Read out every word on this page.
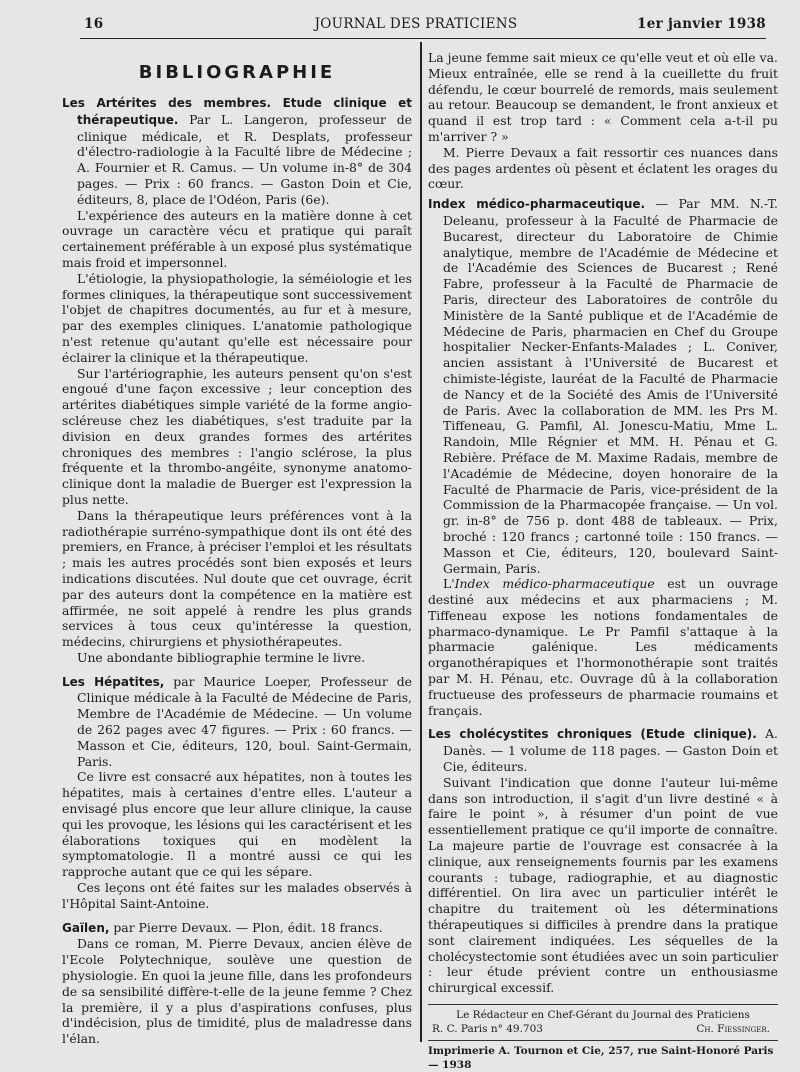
16	JOURNAL DES PRATICIENS	1er janvier 1938
BIBLIOGRAPHIE

Les Artérites des membres. Etude clinique et thérapeutique. Par L. Langeron, professeur de clinique médicale, et R. Desplats, professeur d'électro-radiologie à la Faculté libre de Médecine ; A. Fournier et R. Camus. — Un volume in-8° de 304 pages. — Prix : 60 francs. — Gaston Doin et Cie, éditeurs, 8, place de l'Odéon, Paris (6e).

L'expérience des auteurs en la matière donne à cet ouvrage un caractère vécu et pratique qui paraît certainement préférable à un exposé plus systématique mais froid et impersonnel.

L'étiologie, la physiopathologie, la séméiologie et les formes cliniques, la thérapeutique sont successivement l'objet de chapitres documentés, au fur et à mesure, par des exemples cliniques. L'anatomie pathologique n'est retenue qu'autant qu'elle est nécessaire pour éclairer la clinique et la thérapeutique.

Sur l'artériographie, les auteurs pensent qu'on s'est engoué d'une façon excessive ; leur conception des artérites diabétiques simple variété de la forme angio-scléreuse chez les diabétiques, s'est traduite par la division en deux grandes formes des artérites chroniques des membres : l'angio sclérose, la plus fréquente et la thrombo-angéite, synonyme anatomo-clinique dont la maladie de Buerger est l'expression la plus nette.

Dans la thérapeutique leurs préférences vont à la radiothérapie surréno-sympathique dont ils ont été des premiers, en France, à préciser l'emploi et les résultats ; mais les autres procédés sont bien exposés et leurs indications discutées. Nul doute que cet ouvrage, écrit par des auteurs dont la compétence en la matière est affirmée, ne soit appelé à rendre les plus grands services à tous ceux qu'intéresse la question, médecins, chirurgiens et physiothérapeutes.

Une abondante bibliographie termine le livre.

Les Hépatites, par Maurice Loeper, Professeur de Clinique médicale à la Faculté de Médecine de Paris, Membre de l'Académie de Médecine. — Un volume de 262 pages avec 47 figures. — Prix : 60 francs. — Masson et Cie, éditeurs, 120, boul. Saint-Germain, Paris.

Ce livre est consacré aux hépatites, non à toutes les hépatites, mais à certaines d'entre elles. L'auteur a envisagé plus encore que leur allure clinique, la cause qui les provoque, les lésions qui les caractérisent et les élaborations toxiques qui en modèlent la symptomatologie. Il a montré aussi ce qui les rapproche autant que ce qui les sépare.

Ces leçons ont été faites sur les malades observés à l'Hôpital Saint-Antoine.

Gaïlen, par Pierre Devaux. — Plon, édit. 18 francs.

Dans ce roman, M. Pierre Devaux, ancien élève de l'Ecole Polytechnique, soulève une question de physiologie. En quoi la jeune fille, dans les profondeurs de sa sensibilité diffère-t-elle de la jeune femme ? Chez la première, il y a plus d'aspirations confuses, plus d'indécision, plus de timidité, plus de maladresse dans l'élan.

La jeune femme sait mieux ce qu'elle veut et où elle va. Mieux entraînée, elle se rend à la cueillette du fruit défendu, le cœur bourrelé de remords, mais seulement au retour. Beaucoup se demandent, le front anxieux et quand il est trop tard : « Comment cela a-t-il pu m'arriver ? »

M. Pierre Devaux a fait ressortir ces nuances dans des pages ardentes où pèsent et éclatent les orages du cœur.

Index médico-pharmaceutique. — Par MM. N.-T. Deleanu, professeur à la Faculté de Pharmacie de Bucarest, directeur du Laboratoire de Chimie analytique, membre de l'Académie de Médecine et de l'Académie des Sciences de Bucarest ; René Fabre, professeur à la Faculté de Pharmacie de Paris, directeur des Laboratoires de contrôle du Ministère de la Santé publique et de l'Académie de Médecine de Paris, pharmacien en Chef du Groupe hospitalier Necker-Enfants-Malades ; L. Coniver, ancien assistant à l'Université de Bucarest et chimiste-légiste, lauréat de la Faculté de Pharmacie de Nancy et de la Société des Amis de l'Université de Paris. Avec la collaboration de MM. les Prs M. Tiffeneau, G. Pamfil, Al. Jonescu-Matiu, Mme L. Randoin, Mlle Régnier et MM. H. Pénau et G. Rebière. Préface de M. Maxime Radais, membre de l'Académie de Médecine, doyen honoraire de la Faculté de Pharmacie de Paris, vice-président de la Commission de la Pharmacopée française. — Un vol. gr. in-8° de 756 p. dont 488 de tableaux. — Prix, broché : 120 francs ; cartonné toile : 150 francs. — Masson et Cie, éditeurs, 120, boulevard Saint-Germain, Paris.

L'Index médico-pharmaceutique est un ouvrage destiné aux médecins et aux pharmaciens ; M. Tiffeneau expose les notions fondamentales de pharmaco-dynamique. Le Pr Pamfil s'attaque à la pharmacie galénique. Les médicaments organothérapiques et l'hormonothérapie sont traités par M. H. Pénau, etc. Ouvrage dû à la collaboration fructueuse des professeurs de pharmacie roumains et français.

Les cholécystites chroniques (Etude clinique). A. Danès. — 1 volume de 118 pages. — Gaston Doin et Cie, éditeurs.

Suivant l'indication que donne l'auteur lui-même dans son introduction, il s'agit d'un livre destiné « à faire le point », à résumer d'un point de vue essentiellement pratique ce qu'il importe de connaître. La majeure partie de l'ouvrage est consacrée à la clinique, aux renseignements fournis par les examens courants : tubage, radiographie, et au diagnostic différentiel. On lira avec un particulier intérêt le chapitre du traitement où les déterminations thérapeutiques si difficiles à prendre dans la pratique sont clairement indiquées. Les séquelles de la cholécystectomie sont étudiées avec un soin particulier : leur étude prévient contre un enthousiasme chirurgical excessif.

Le Rédacteur en Chef-Gérant du Journal des Praticiens
R. C. Paris n° 49.703	Ch. Fiessinger.
Imprimerie A. Tournon et Cie, 257, rue Saint-Honoré Paris — 1938
